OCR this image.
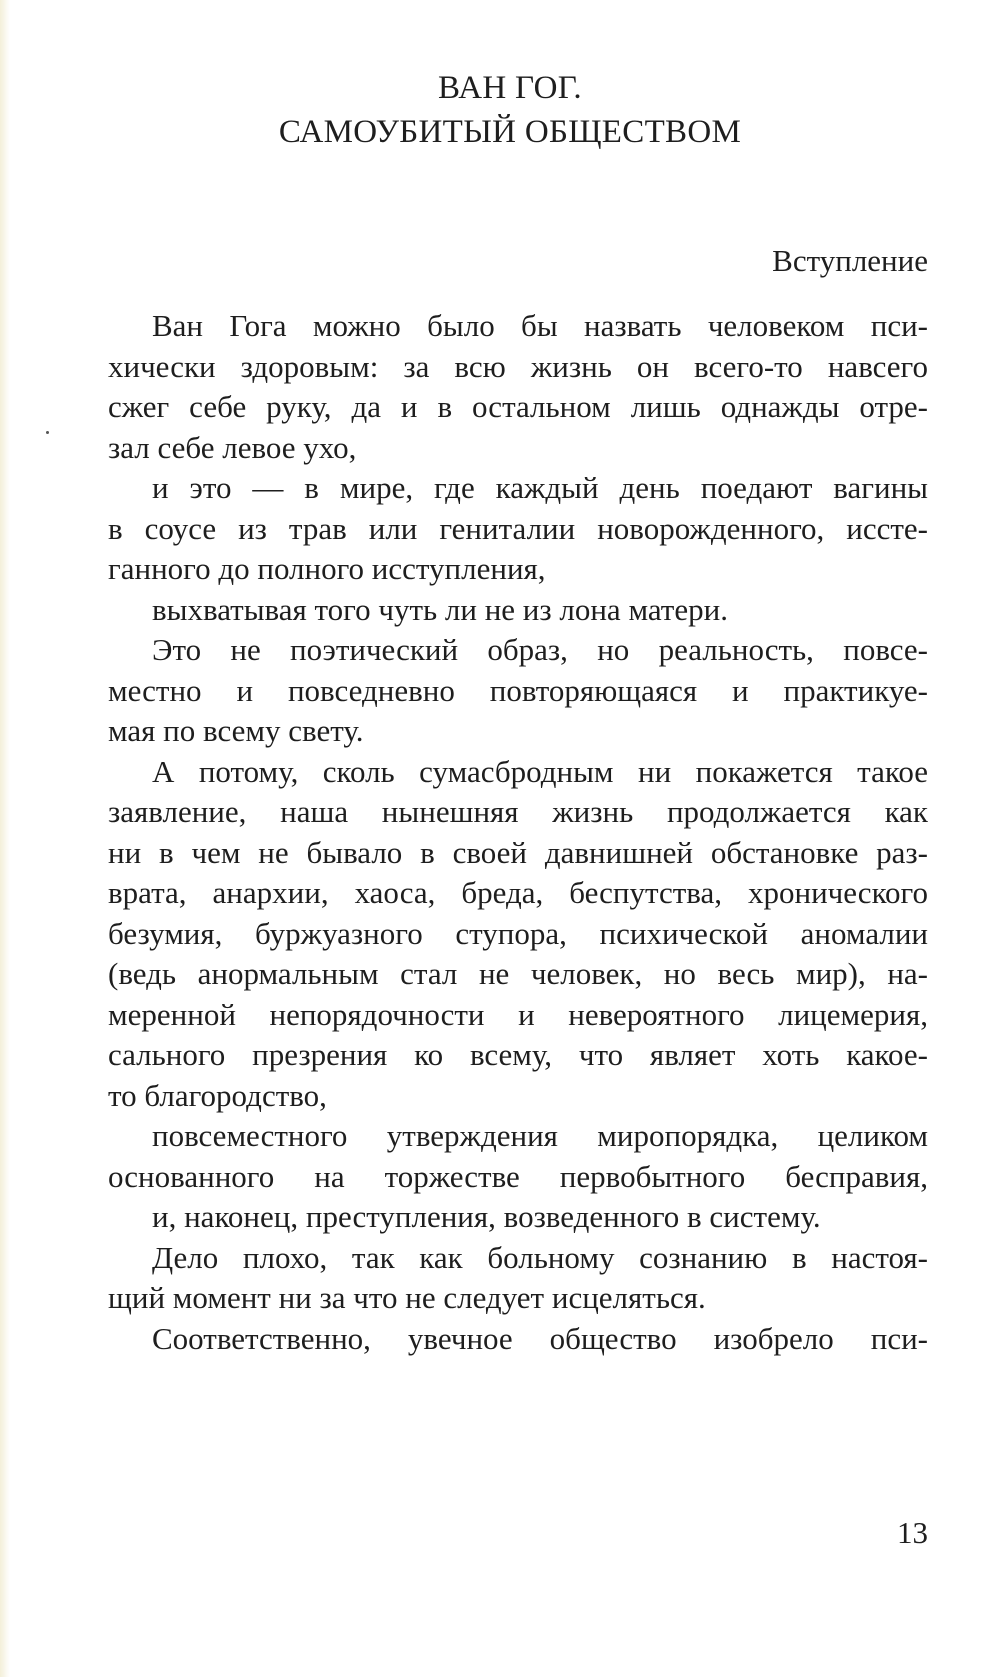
ВАН ГОГ.
САМОУБИТЫЙ ОБЩЕСТВОМ
Вступление
Ван Гога можно было бы назвать человеком пси-
хически здоровым: за всю жизнь он всего-то навсего
сжег себе руку, да и в остальном лишь однажды отре-
зал себе левое ухо,
и это — в мире, где каждый день поедают вагины
в соусе из трав или гениталии новорожденного, иссте-
ганного до полного исступления,
выхватывая того чуть ли не из лона матери.
Это не поэтический образ, но реальность, повсе-
местно и повседневно повторяющаяся и практикуе-
мая по всему свету.
А потому, сколь сумасбродным ни покажется такое
заявление, наша нынешняя жизнь продолжается как
ни в чем не бывало в своей давнишней обстановке раз-
врата, анархии, хаоса, бреда, беспутства, хронического
безумия, буржуазного ступора, психической аномалии
(ведь анормальным стал не человек, но весь мир), на-
меренной непорядочности и невероятного лицемерия,
сального презрения ко всему, что являет хоть какое-
то благородство,
повсеместного утверждения миропорядка, целиком
основанного на торжестве первобытного бесправия,
и, наконец, преступления, возведенного в систему.
Дело плохо, так как больному сознанию в настоя-
щий момент ни за что не следует исцеляться.
Соответственно, увечное общество изобрело пси-
13
